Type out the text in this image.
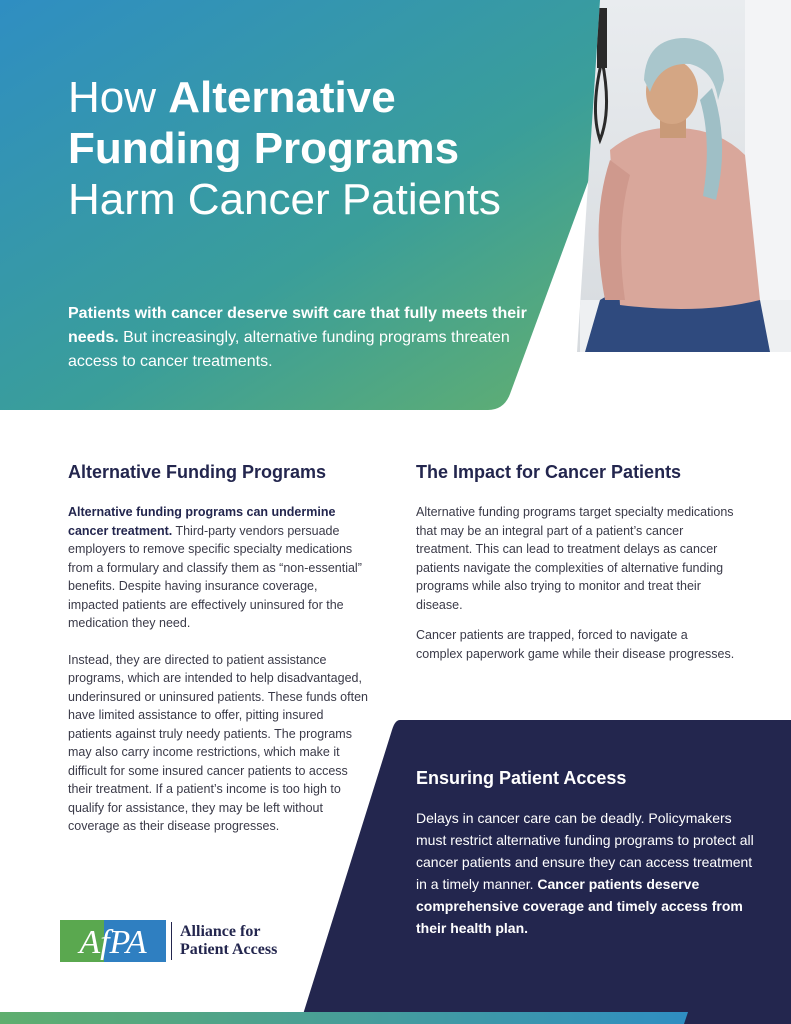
How Alternative Funding Programs Harm Cancer Patients

Patients with cancer deserve swift care that fully meets their needs. But increasingly, alternative funding programs threaten access to cancer treatments.

Alternative Funding Programs

Alternative funding programs can undermine cancer treatment. Third-party vendors persuade employers to remove specific specialty medications from a formulary and classify them as “non-essential” benefits. Despite having insurance coverage, impacted patients are effectively uninsured for the medication they need.

Instead, they are directed to patient assistance programs, which are intended to help disadvantaged, underinsured or uninsured patients. These funds often have limited assistance to offer, pitting insured patients against truly needy patients. The programs may also carry income restrictions, which make it difficult for some insured cancer patients to access their treatment. If a patient’s income is too high to qualify for assistance, they may be left without coverage as their disease progresses.

The Impact for Cancer Patients

Alternative funding programs target specialty medications that may be an integral part of a patient’s cancer treatment. This can lead to treatment delays as cancer patients navigate the complexities of alternative funding programs while also trying to monitor and treat their disease.

Cancer patients are trapped, forced to navigate a complex paperwork game while their disease progresses.

Ensuring Patient Access

Delays in cancer care can be deadly. Policymakers must restrict alternative funding programs to protect all cancer patients and ensure they can access treatment in a timely manner. Cancer patients deserve comprehensive coverage and timely access from their health plan.

AfPA Alliance for
Patient Access
